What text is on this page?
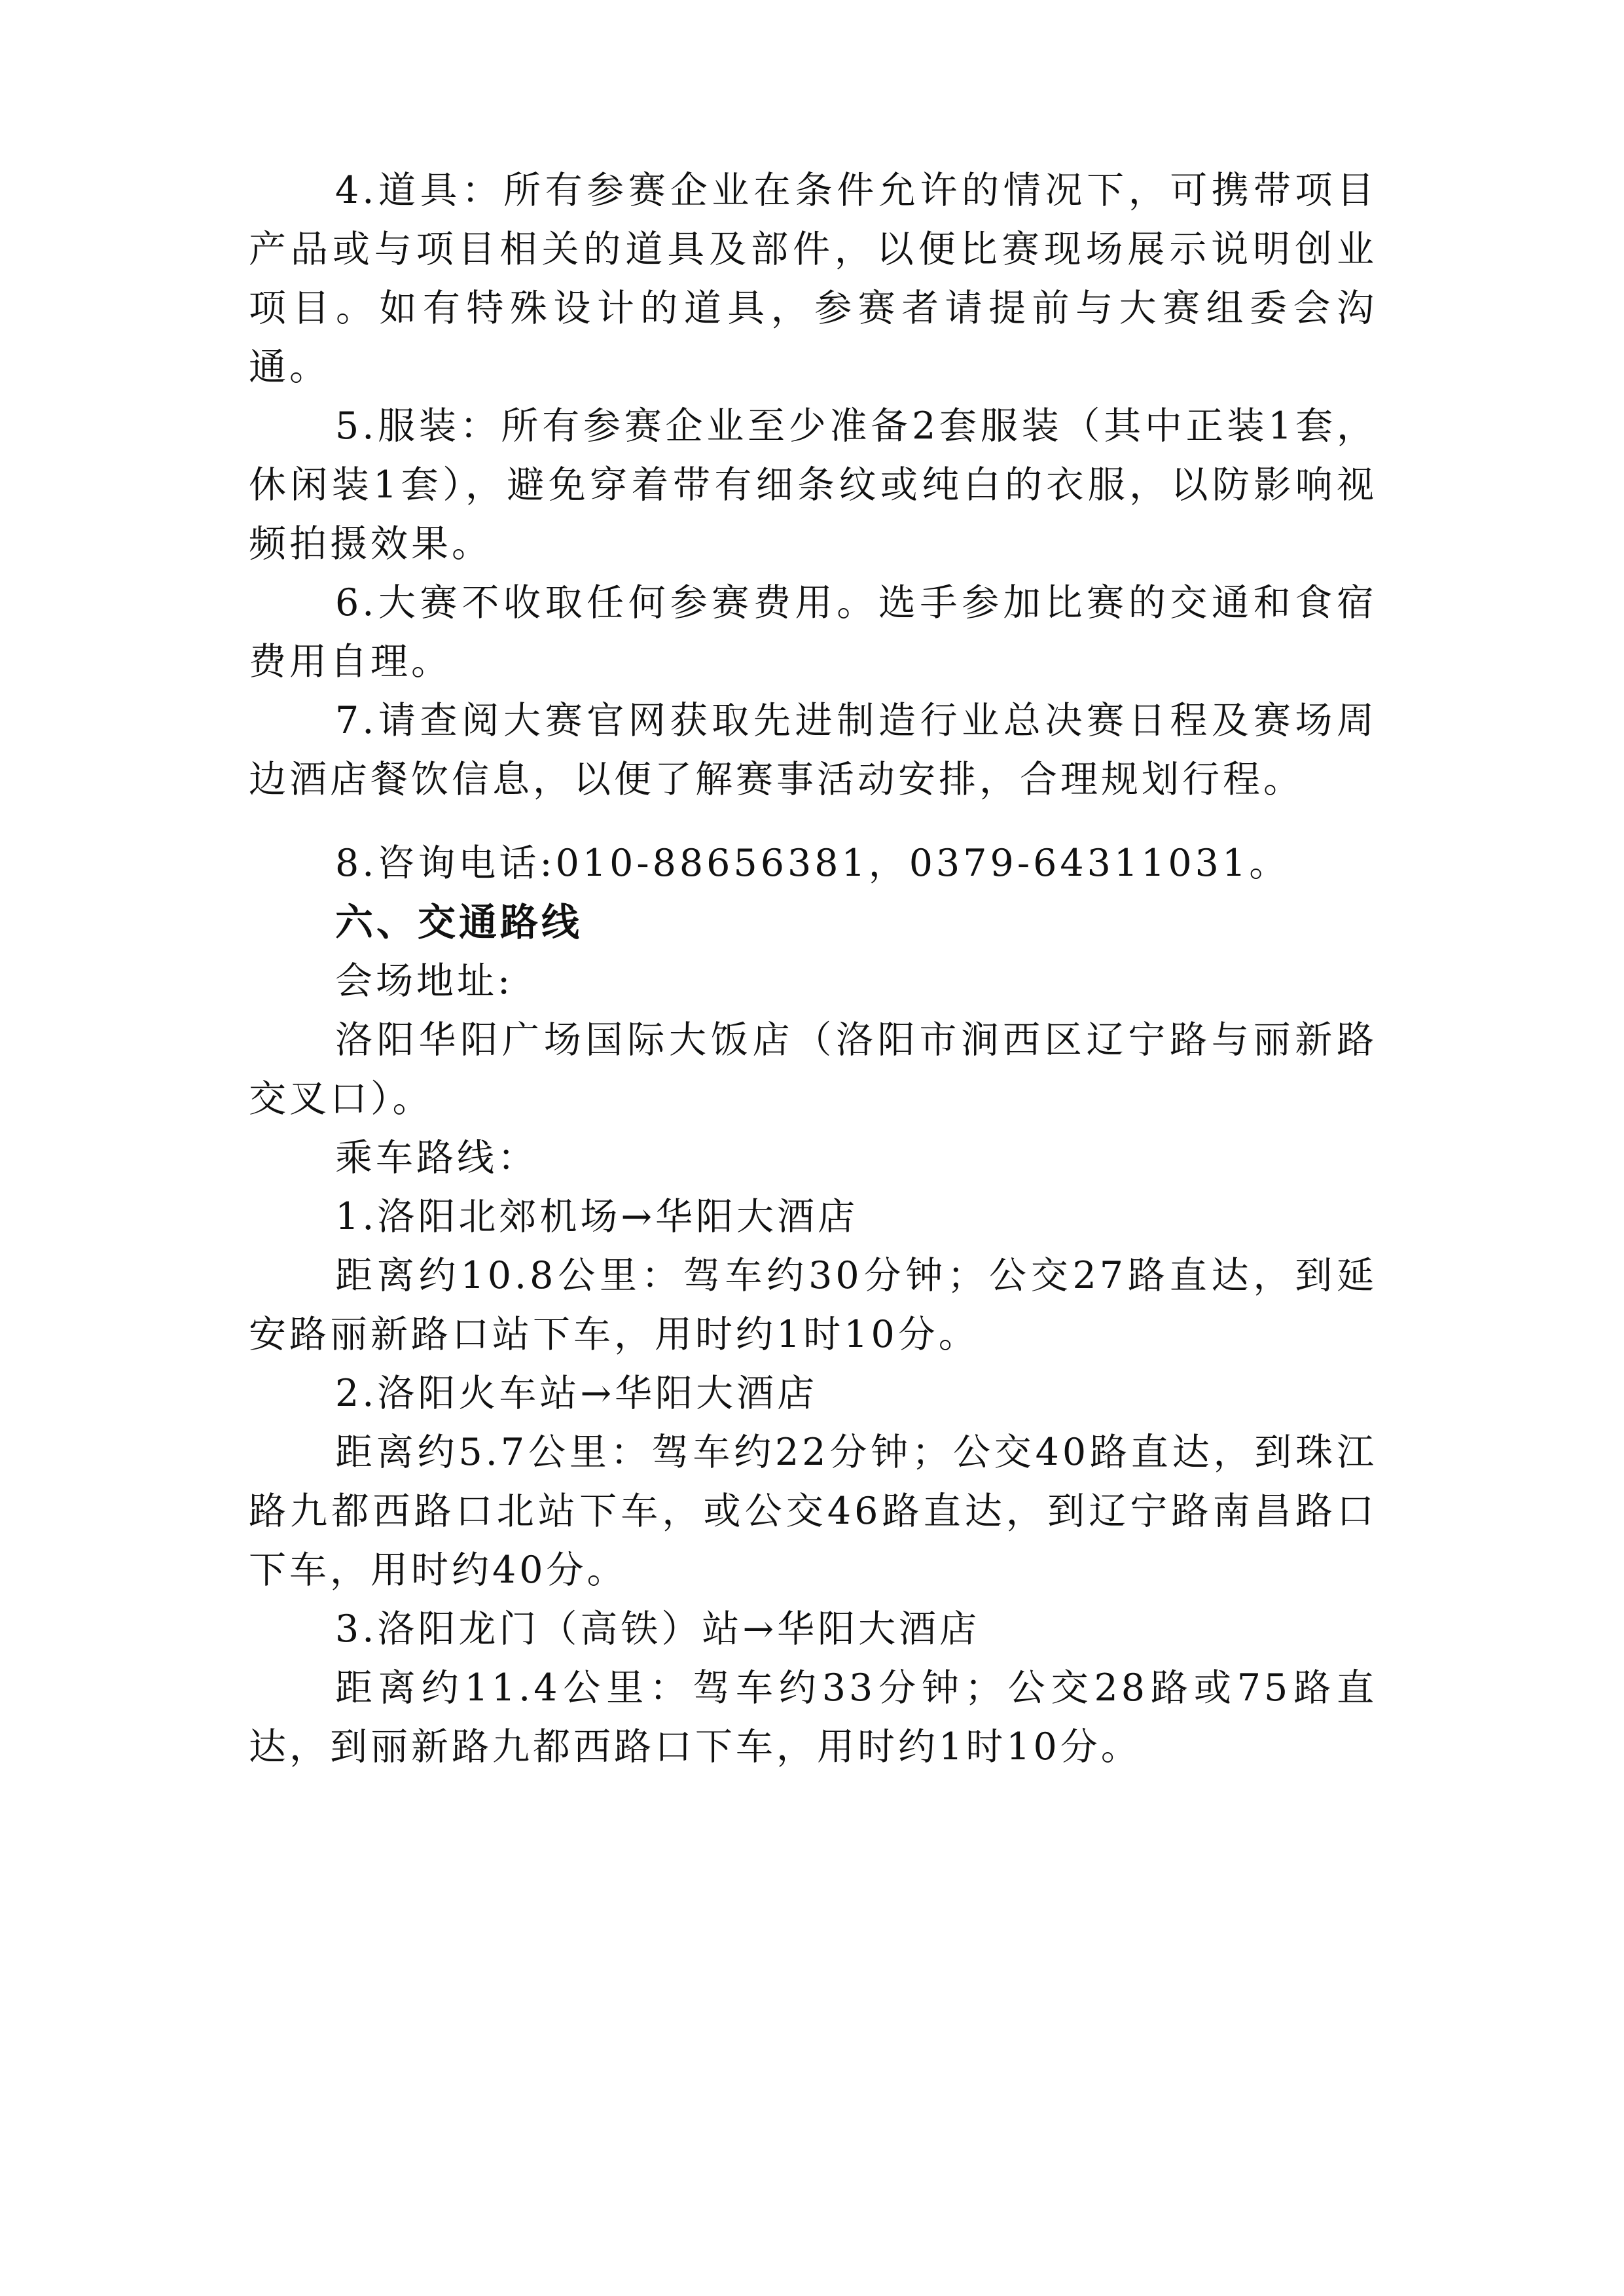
4.道具：所有参赛企业在条件允许的情况下，可携带项目产品或与项目相关的道具及部件，以便比赛现场展示说明创业项目。如有特殊设计的道具，参赛者请提前与大赛组委会沟通。

5.服装：所有参赛企业至少准备2套服装（其中正装1套，休闲装1套），避免穿着带有细条纹或纯白的衣服，以防影响视频拍摄效果。

6.大赛不收取任何参赛费用。选手参加比赛的交通和食宿费用自理。

7.请查阅大赛官网获取先进制造行业总决赛日程及赛场周边酒店餐饮信息，以便了解赛事活动安排，合理规划行程。

8.咨询电话:010-88656381，0379-64311031。

六、交通路线

会场地址:

洛阳华阳广场国际大饭店（洛阳市涧西区辽宁路与丽新路交叉口）。

乘车路线：

1.洛阳北郊机场→华阳大酒店

距离约10.8公里：驾车约30分钟；公交27路直达，到延安路丽新路口站下车，用时约1时10分。

2.洛阳火车站→华阳大酒店

距离约5.7公里：驾车约22分钟；公交40路直达，到珠江路九都西路口北站下车，或公交46路直达，到辽宁路南昌路口下车，用时约40分。

3.洛阳龙门（高铁）站→华阳大酒店

距离约11.4公里：驾车约33分钟；公交28路或75路直达，到丽新路九都西路口下车，用时约1时10分。
